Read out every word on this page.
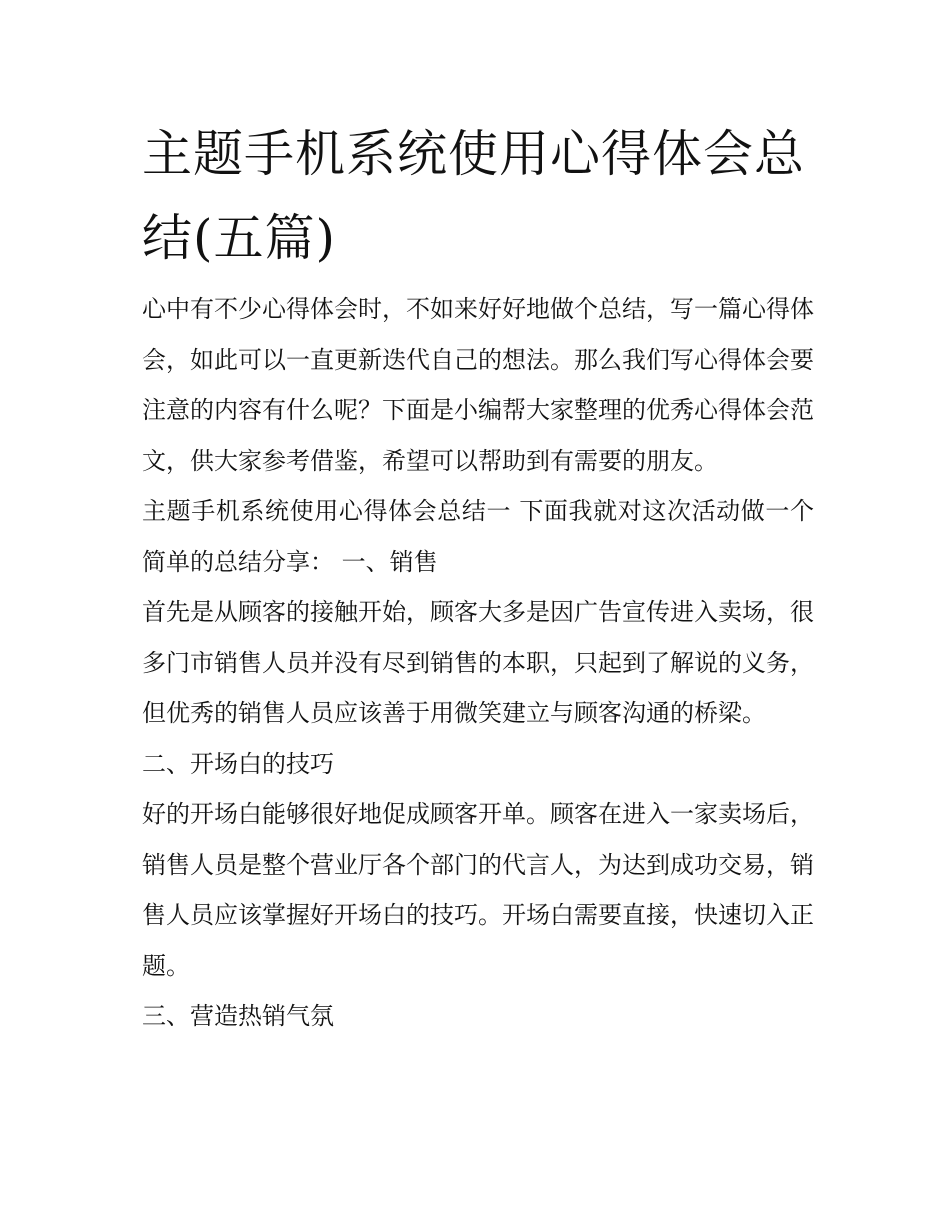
主题手机系统使用心得体会总结(五篇)

心中有不少心得体会时，不如来好好地做个总结，写一篇心得体会，如此可以一直更新迭代自己的想法。那么我们写心得体会要注意的内容有什么呢？下面是小编帮大家整理的优秀心得体会范文，供大家参考借鉴，希望可以帮助到有需要的朋友。

主题手机系统使用心得体会总结一 下面我就对这次活动做一个简单的总结分享： 一、销售

首先是从顾客的接触开始，顾客大多是因广告宣传进入卖场，很多门市销售人员并没有尽到销售的本职，只起到了解说的义务，但优秀的销售人员应该善于用微笑建立与顾客沟通的桥梁。

二、开场白的技巧

好的开场白能够很好地促成顾客开单。顾客在进入一家卖场后，销售人员是整个营业厅各个部门的代言人，为达到成功交易，销售人员应该掌握好开场白的技巧。开场白需要直接，快速切入正题。

三、营造热销气氛
